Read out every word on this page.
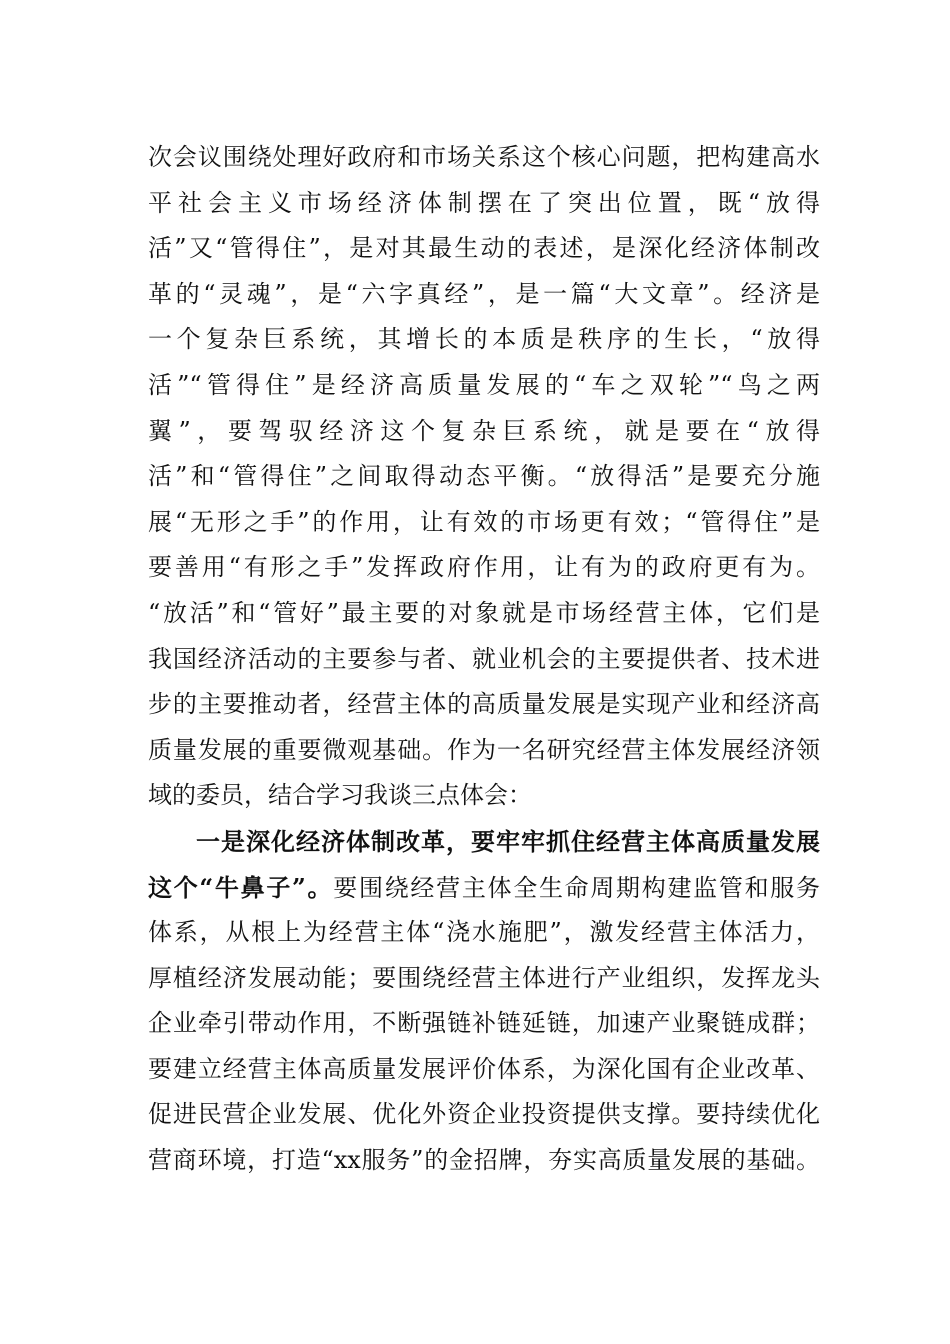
次会议围绕处理好政府和市场关系这个核心问题，把构建高水
平社会主义市场经济体制摆在了突出位置，既“放得
活”又“管得住”，是对其最生动的表述，是深化经济体制改
革的“灵魂”，是“六字真经”，是一篇“大文章”。经济是
一个复杂巨系统，其增长的本质是秩序的生长，“放得
活”“管得住”是经济高质量发展的“车之双轮”“鸟之两
翼”，要驾驭经济这个复杂巨系统，就是要在“放得
活”和“管得住”之间取得动态平衡。“放得活”是要充分施
展“无形之手”的作用，让有效的市场更有效；“管得住”是
要善用“有形之手”发挥政府作用，让有为的政府更有为。
“放活”和“管好”最主要的对象就是市场经营主体，它们是
我国经济活动的主要参与者、就业机会的主要提供者、技术进
步的主要推动者，经营主体的高质量发展是实现产业和经济高
质量发展的重要微观基础。作为一名研究经营主体发展经济领
域的委员，结合学习我谈三点体会：
一是深化经济体制改革，要牢牢抓住经营主体高质量发展
这个“牛鼻子”。要围绕经营主体全生命周期构建监管和服务
体系，从根上为经营主体“浇水施肥”，激发经营主体活力，
厚植经济发展动能；要围绕经营主体进行产业组织，发挥龙头
企业牵引带动作用，不断强链补链延链，加速产业聚链成群；
要建立经营主体高质量发展评价体系，为深化国有企业改革、
促进民营企业发展、优化外资企业投资提供支撑。要持续优化
营商环境，打造“xx服务”的金招牌，夯实高质量发展的基础。
